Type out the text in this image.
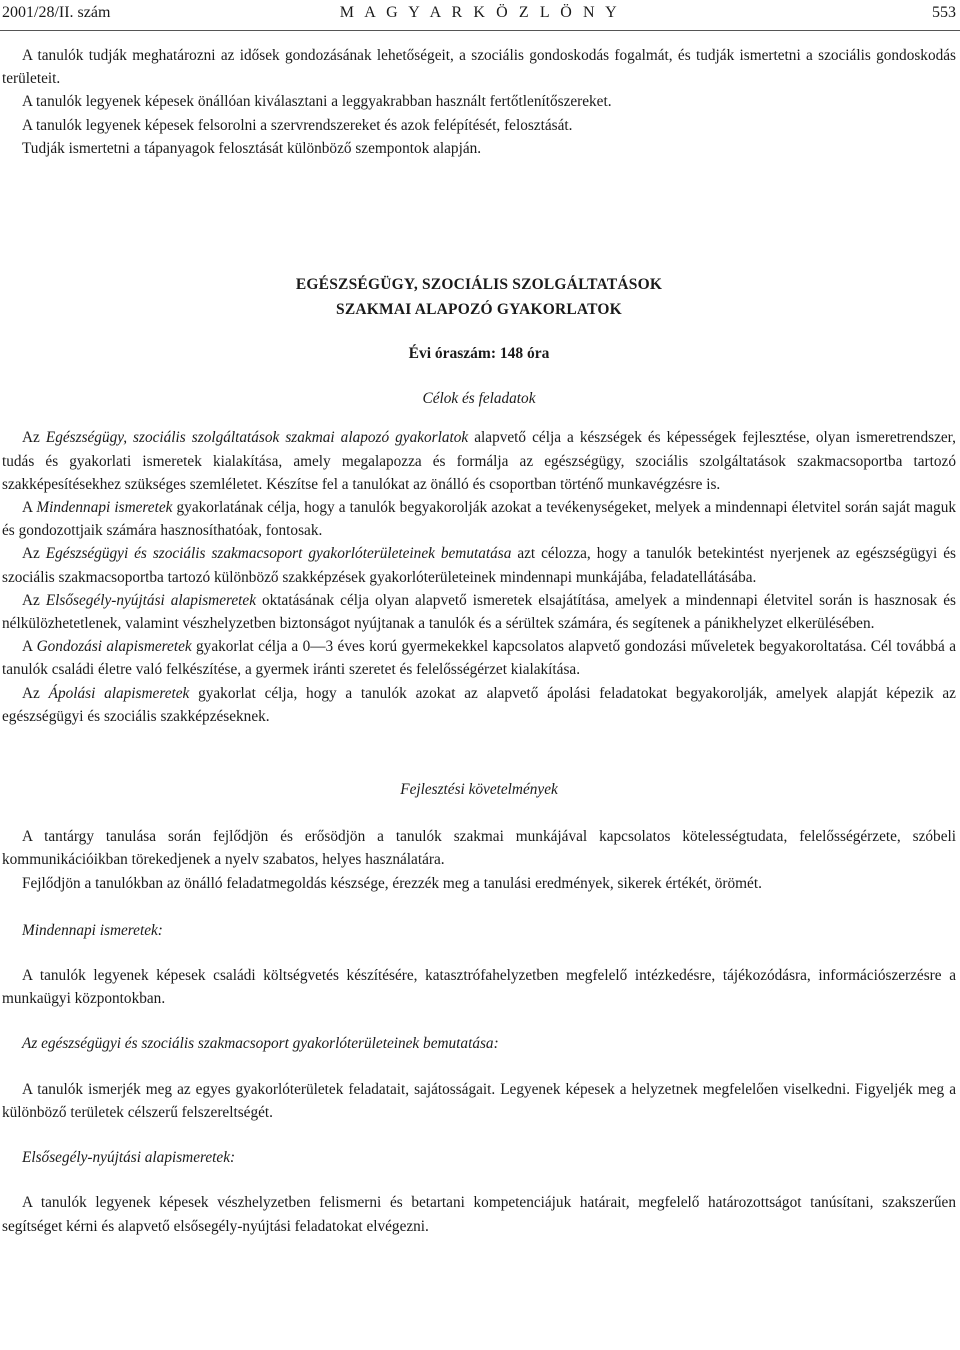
2001/28/II. szám	M A G Y A R K Ö Z L Ö N Y	553

A tanulók tudják meghatározni az idősek gondozásának lehetőségeit, a szociális gondoskodás fogalmát, és tudják ismertetni a szociális gondoskodás területeit.

A tanulók legyenek képesek önállóan kiválasztani a leggyakrabban használt fertőtlenítőszereket.

A tanulók legyenek képesek felsorolni a szervrendszereket és azok felépítését, felosztását.

Tudják ismertetni a tápanyagok felosztását különböző szempontok alapján.

EGÉSZSÉGÜGY, SZOCIÁLIS SZOLGÁLTATÁSOK
SZAKMAI ALAPOZÓ GYAKORLATOK
Évi óraszám: 148 óra
Célok és feladatok

Az Egészségügy, szociális szolgáltatások szakmai alapozó gyakorlatok alapvető célja a készségek és képességek fejlesztése, olyan ismeretrendszer, tudás és gyakorlati ismeretek kialakítása, amely megalapozza és formálja az egészségügy, szociális szolgáltatások szakmacsoportba tartozó szakképesítésekhez szükséges szemléletet. Készítse fel a tanulókat az önálló és csoportban történő munkavégzésre is.

A Mindennapi ismeretek gyakorlatának célja, hogy a tanulók begyakorolják azokat a tevékenységeket, melyek a mindennapi életvitel során saját maguk és gondozottjaik számára hasznosíthatóak, fontosak.

Az Egészségügyi és szociális szakmacsoport gyakorlóterületeinek bemutatása azt célozza, hogy a tanulók betekintést nyerjenek az egészségügyi és szociális szakmacsoportba tartozó különböző szakképzések gyakorlóterületeinek mindennapi munkájába, feladatellátásába.

Az Elsősegély-nyújtási alapismeretek oktatásának célja olyan alapvető ismeretek elsajátítása, amelyek a mindennapi életvitel során is hasznosak és nélkülözhetetlenek, valamint vészhelyzetben biztonságot nyújtanak a tanulók és a sérültek számára, és segítenek a pánikhelyzet elkerülésében.

A Gondozási alapismeretek gyakorlat célja a 0—3 éves korú gyermekekkel kapcsolatos alapvető gondozási műveletek begyakoroltatása. Cél továbbá a tanulók családi életre való felkészítése, a gyermek iránti szeretet és felelősségérzet kialakítása.

Az Ápolási alapismeretek gyakorlat célja, hogy a tanulók azokat az alapvető ápolási feladatokat begyakorolják, amelyek alapját képezik az egészségügyi és szociális szakképzéseknek.

Fejlesztési követelmények

A tantárgy tanulása során fejlődjön és erősödjön a tanulók szakmai munkájával kapcsolatos kötelességtudata, felelősségérzete, szóbeli kommunikációikban törekedjenek a nyelv szabatos, helyes használatára.

Fejlődjön a tanulókban az önálló feladatmegoldás készsége, érezzék meg a tanulási eredmények, sikerek értékét, örömét.

Mindennapi ismeretek:

A tanulók legyenek képesek családi költségvetés készítésére, katasztrófahelyzetben megfelelő intézkedésre, tájékozódásra, információszerzésre a munkaügyi központokban.

Az egészségügyi és szociális szakmacsoport gyakorlóterületeinek bemutatása:

A tanulók ismerjék meg az egyes gyakorlóterületek feladatait, sajátosságait. Legyenek képesek a helyzetnek megfelelően viselkedni. Figyeljék meg a különböző területek célszerű felszereltségét.

Elsősegély-nyújtási alapismeretek:

A tanulók legyenek képesek vészhelyzetben felismerni és betartani kompetenciájuk határait, megfelelő határozottságot tanúsítani, szakszerűen segítséget kérni és alapvető elsősegély-nyújtási feladatokat elvégezni.
